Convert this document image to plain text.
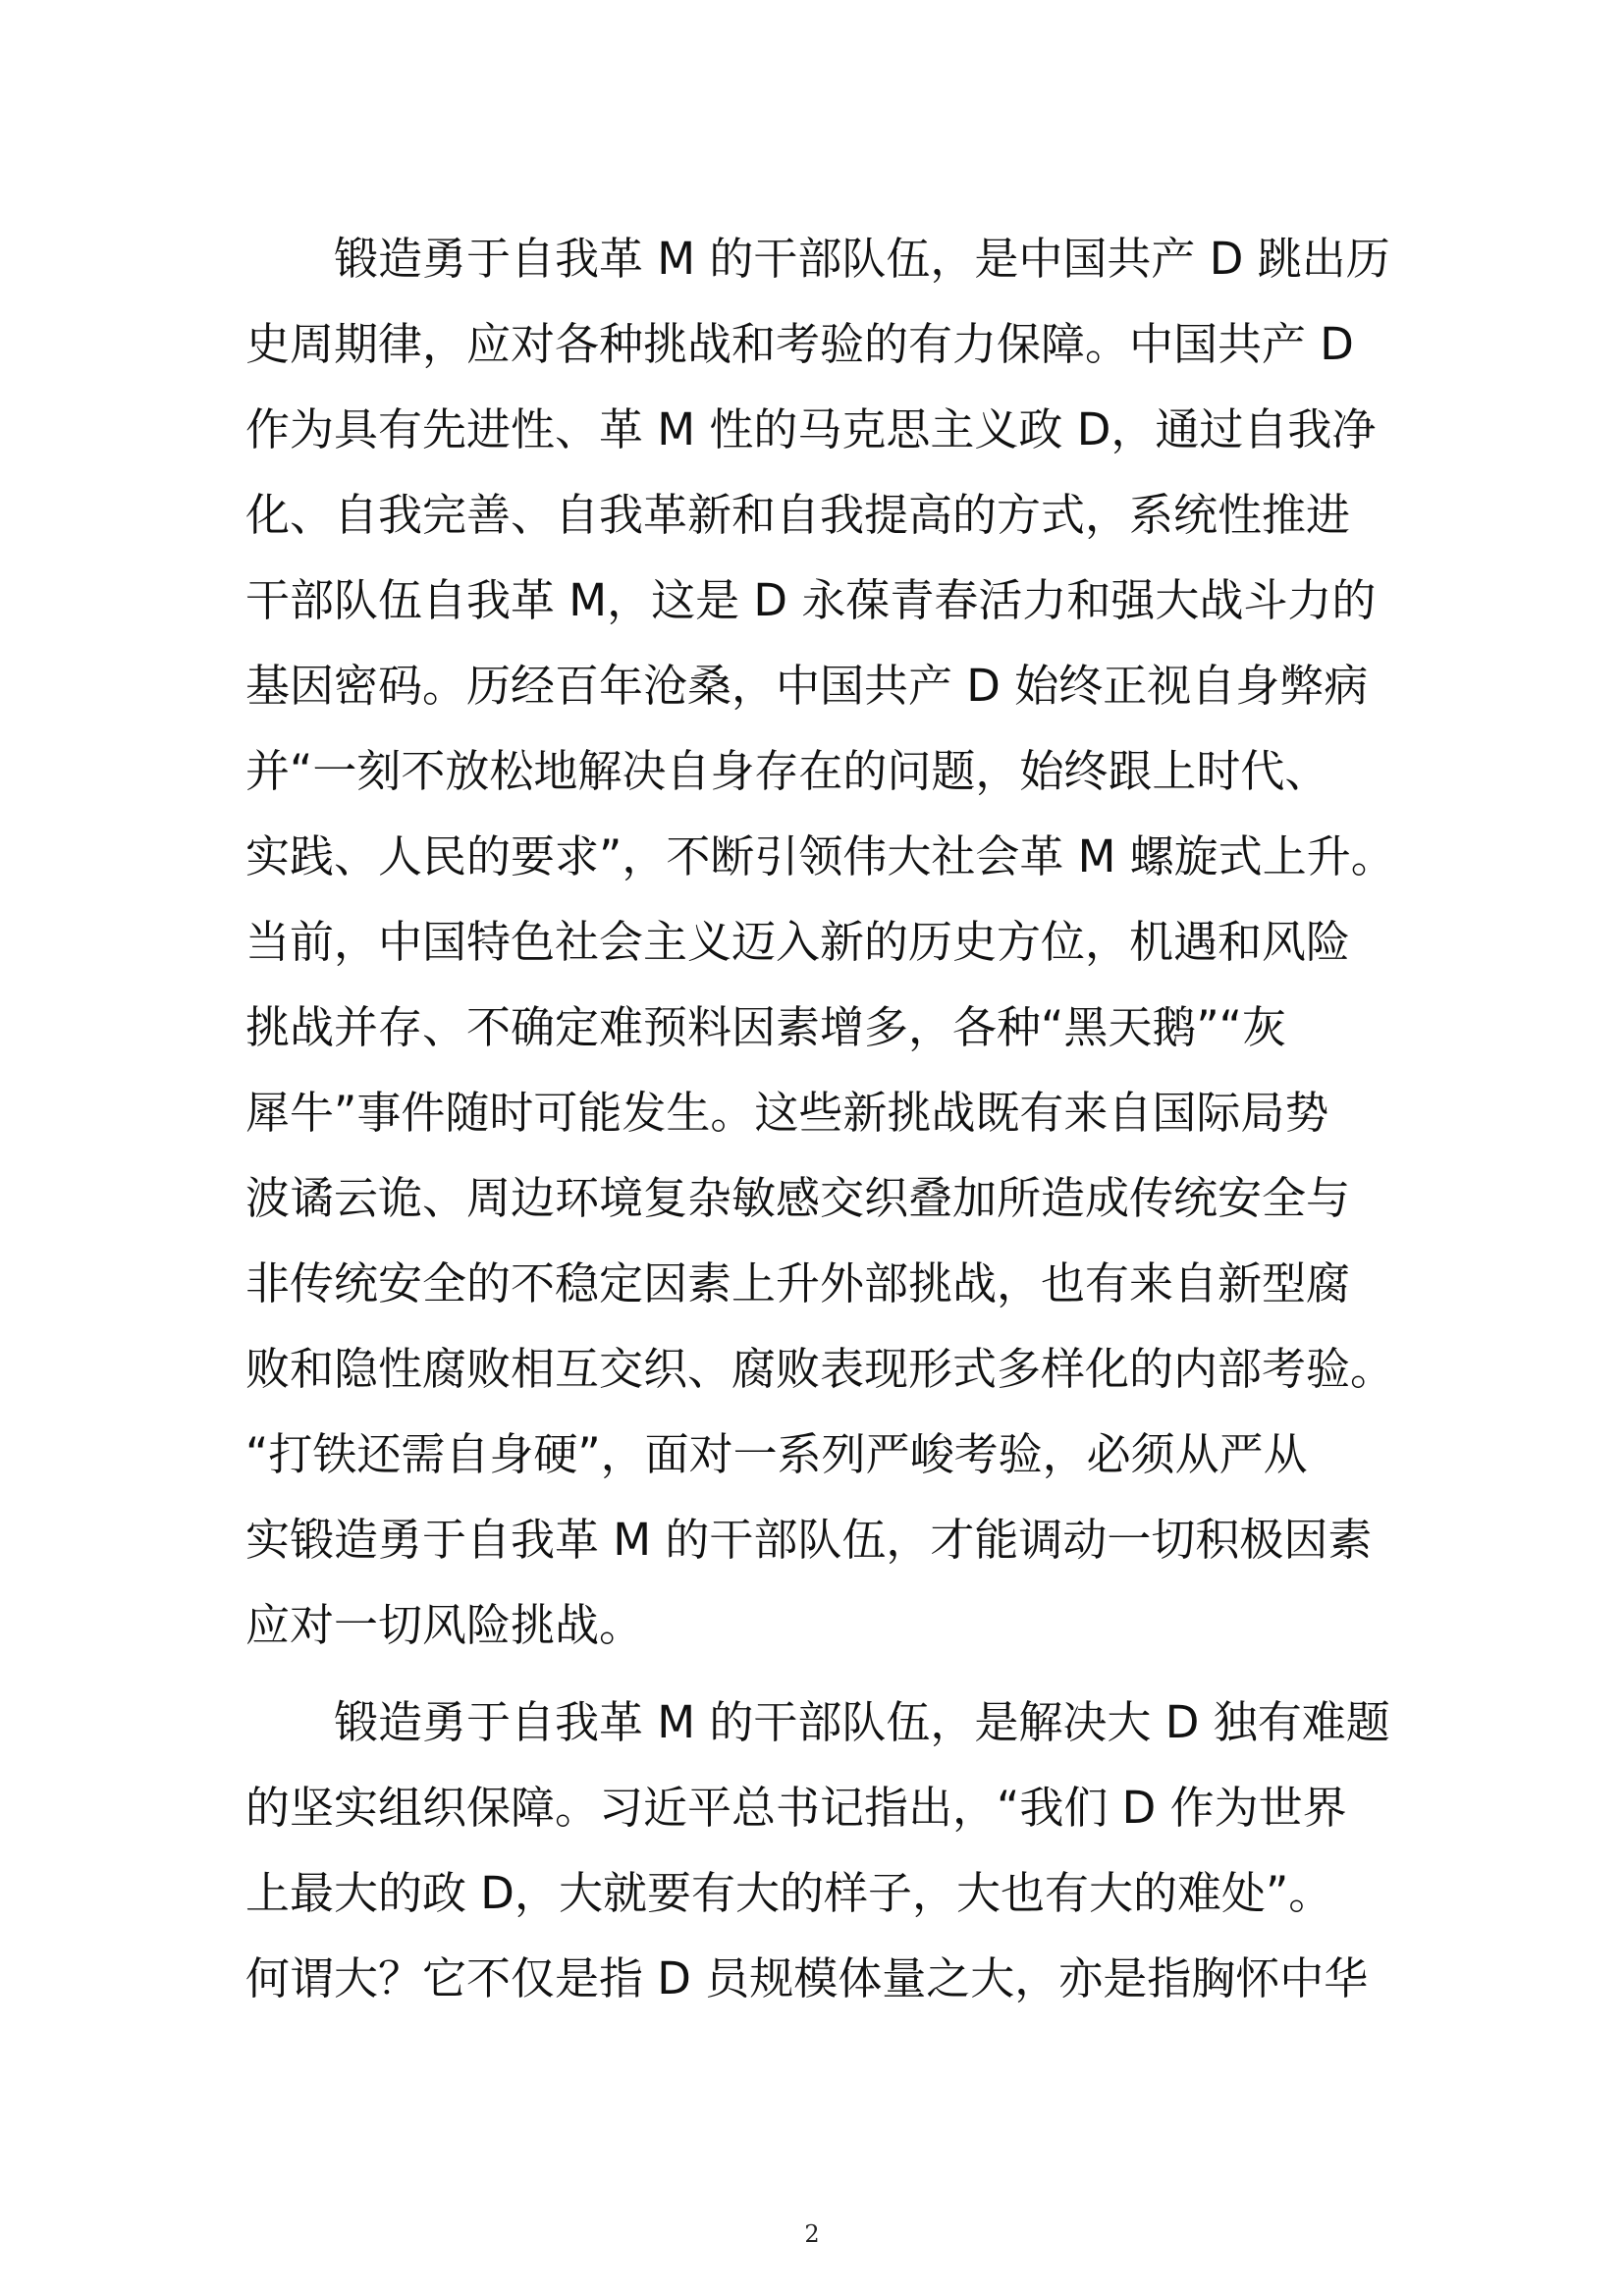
锻造勇于自我革 M 的干部队伍，是中国共产 D 跳出历
史周期律，应对各种挑战和考验的有力保障。中国共产 D
作为具有先进性、革 M 性的马克思主义政 D，通过自我净
化、自我完善、自我革新和自我提高的方式，系统性推进
干部队伍自我革 M，这是 D 永葆青春活力和强大战斗力的
基因密码。历经百年沧桑，中国共产 D 始终正视自身弊病
并“一刻不放松地解决自身存在的问题，始终跟上时代、
实践、人民的要求”，不断引领伟大社会革 M 螺旋式上升。
当前，中国特色社会主义迈入新的历史方位，机遇和风险
挑战并存、不确定难预料因素增多，各种“黑天鹅”“灰
犀牛”事件随时可能发生。这些新挑战既有来自国际局势
波谲云诡、周边环境复杂敏感交织叠加所造成传统安全与
非传统安全的不稳定因素上升外部挑战，也有来自新型腐
败和隐性腐败相互交织、腐败表现形式多样化的内部考验。
“打铁还需自身硬”，面对一系列严峻考验，必须从严从
实锻造勇于自我革 M 的干部队伍，才能调动一切积极因素
应对一切风险挑战。
锻造勇于自我革 M 的干部队伍，是解决大 D 独有难题
的坚实组织保障。习近平总书记指出，“我们 D 作为世界
上最大的政 D，大就要有大的样子，大也有大的难处”。
何谓大？它不仅是指 D 员规模体量之大，亦是指胸怀中华
2
